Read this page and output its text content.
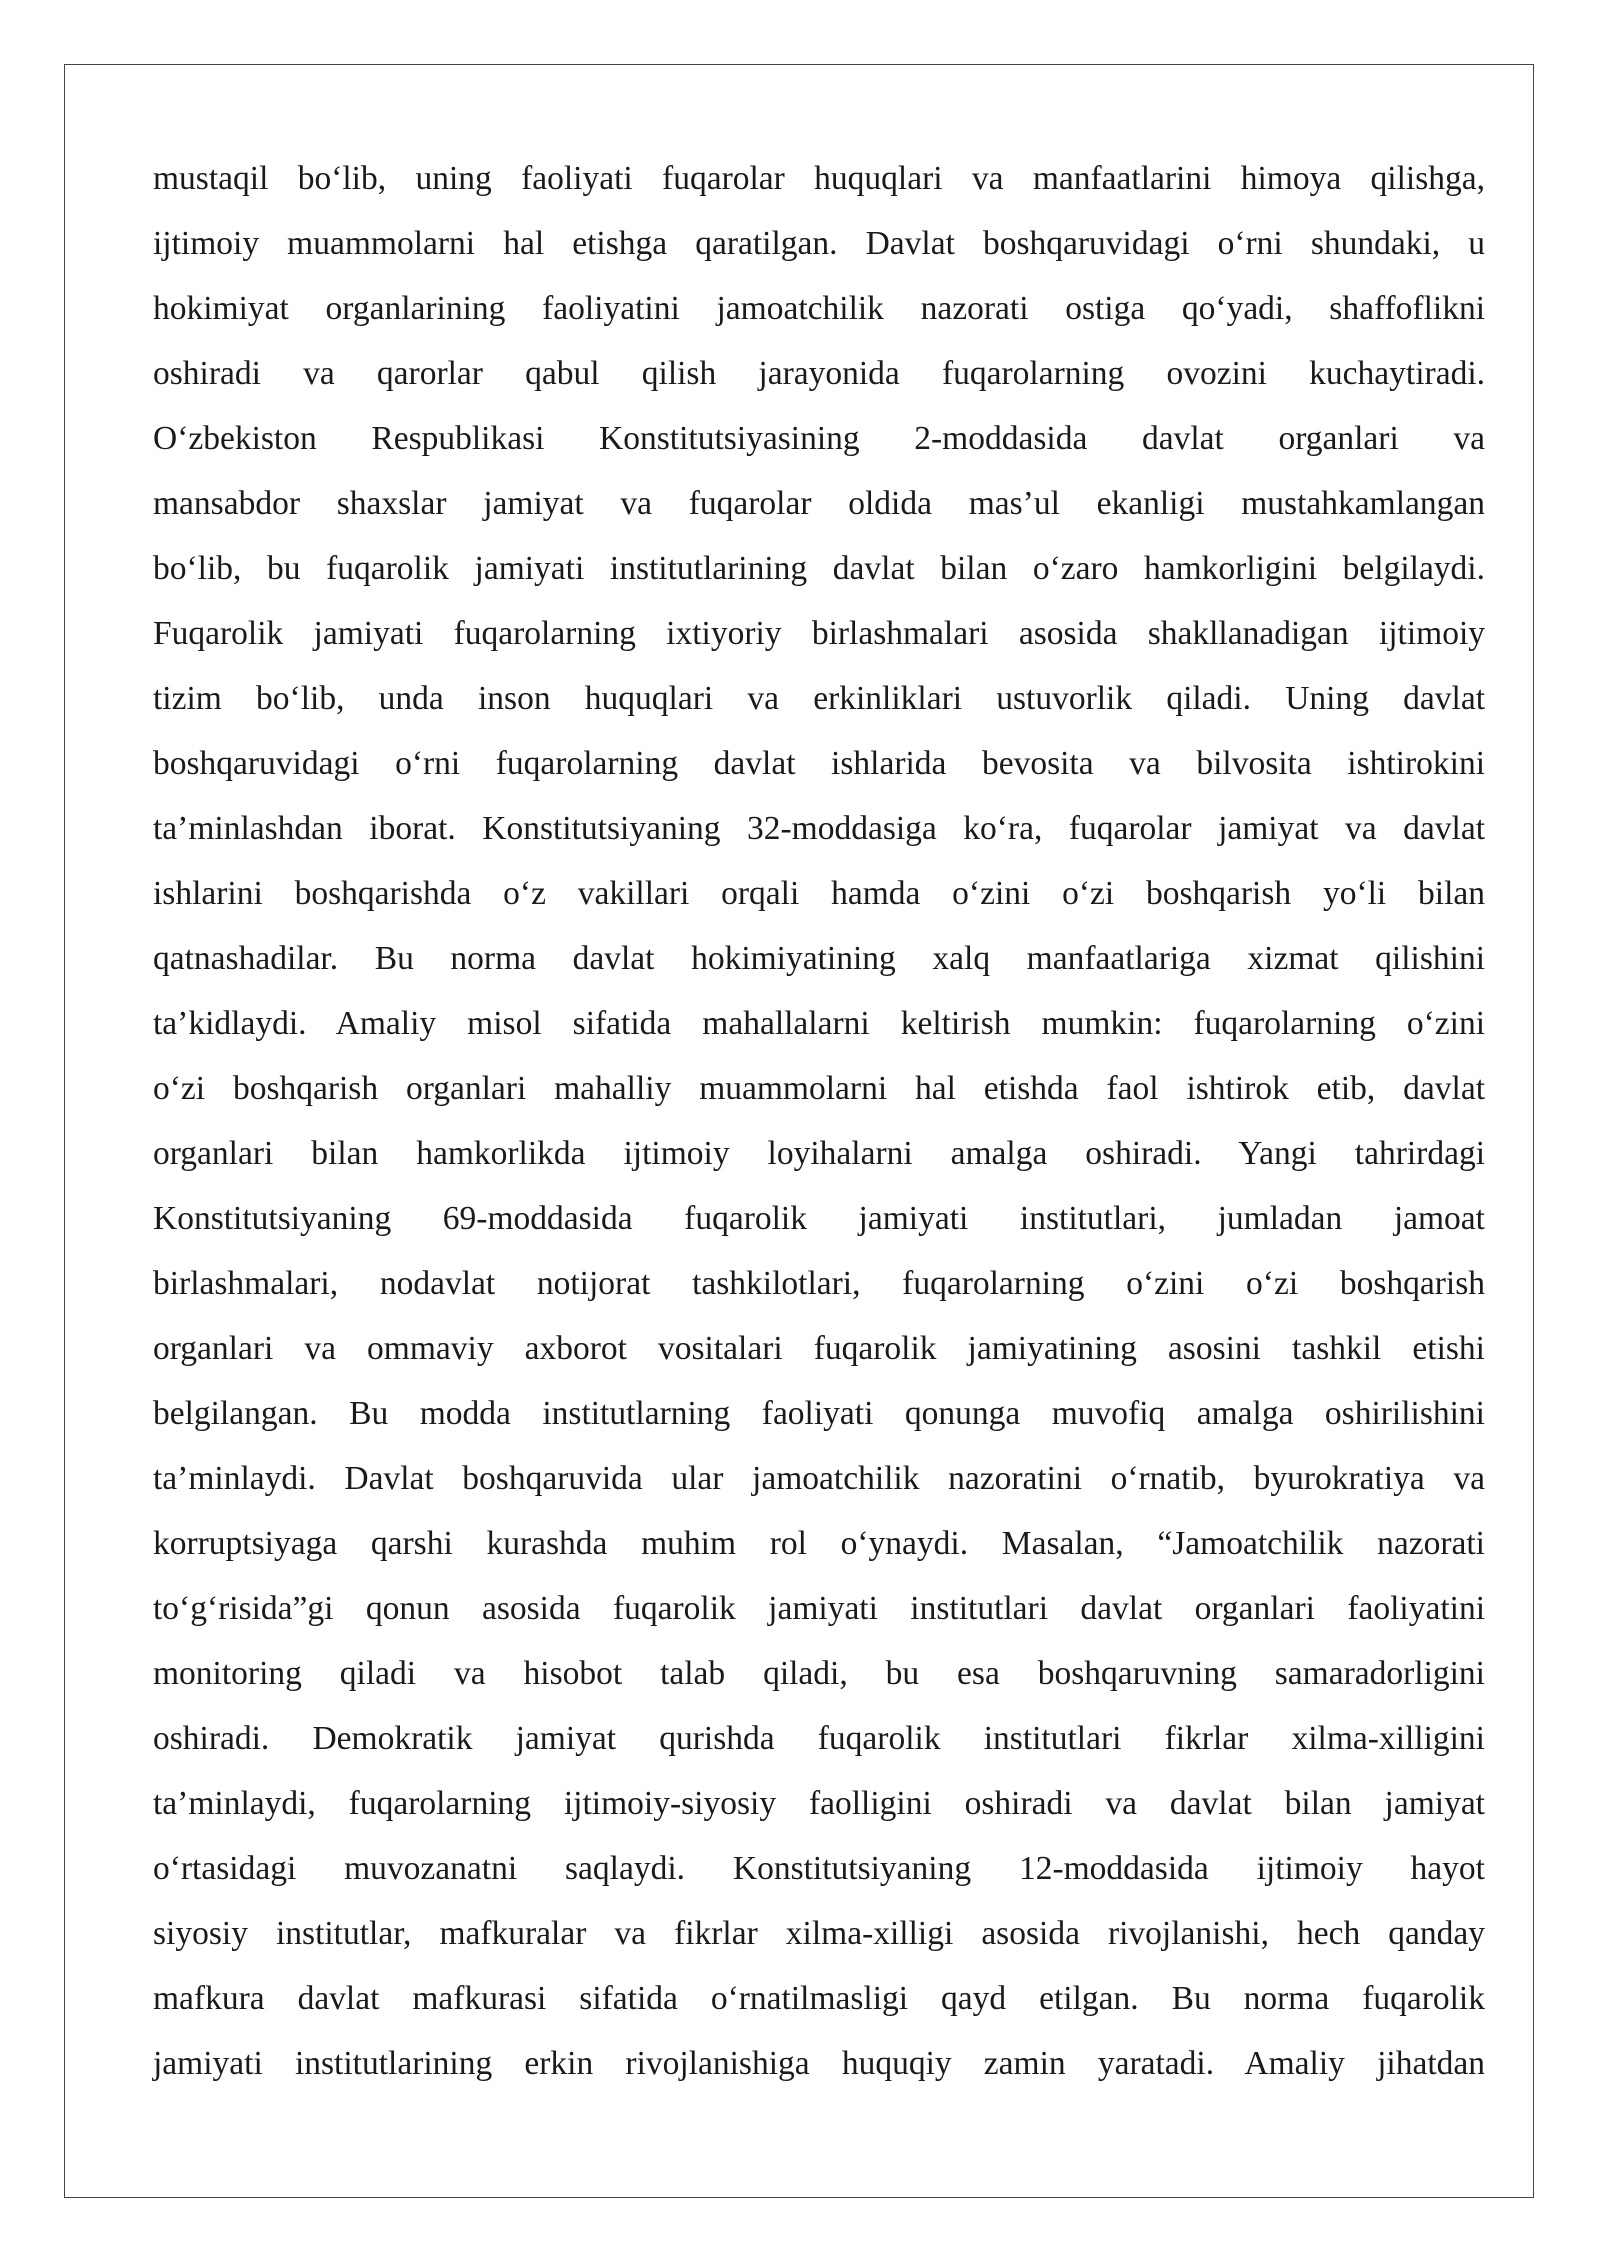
mustaqil boʻlib, uning faoliyati fuqarolar huquqlari va manfaatlarini himoya qilishga,
ijtimoiy muammolarni hal etishga qaratilgan. Davlat boshqaruvidagi oʻrni shundaki, u
hokimiyat organlarining faoliyatini jamoatchilik nazorati ostiga qoʻyadi, shaffoflikni
oshiradi va qarorlar qabul qilish jarayonida fuqarolarning ovozini kuchaytiradi.
Oʻzbekiston Respublikasi Konstitutsiyasining 2-moddasida davlat organlari va
mansabdor shaxslar jamiyat va fuqarolar oldida mas’ul ekanligi mustahkamlangan
boʻlib, bu fuqarolik jamiyati institutlarining davlat bilan oʻzaro hamkorligini belgilaydi.
Fuqarolik jamiyati fuqarolarning ixtiyoriy birlashmalari asosida shakllanadigan ijtimoiy
tizim boʻlib, unda inson huquqlari va erkinliklari ustuvorlik qiladi. Uning davlat
boshqaruvidagi oʻrni fuqarolarning davlat ishlarida bevosita va bilvosita ishtirokini
ta’minlashdan iborat. Konstitutsiyaning 32-moddasiga koʻra, fuqarolar jamiyat va davlat
ishlarini boshqarishda oʻz vakillari orqali hamda oʻzini oʻzi boshqarish yoʻli bilan
qatnashadilar. Bu norma davlat hokimiyatining xalq manfaatlariga xizmat qilishini
ta’kidlaydi. Amaliy misol sifatida mahallalarni keltirish mumkin: fuqarolarning oʻzini
oʻzi boshqarish organlari mahalliy muammolarni hal etishda faol ishtirok etib, davlat
organlari bilan hamkorlikda ijtimoiy loyihalarni amalga oshiradi. Yangi tahrirdagi
Konstitutsiyaning 69-moddasida fuqarolik jamiyati institutlari, jumladan jamoat
birlashmalari, nodavlat notijorat tashkilotlari, fuqarolarning oʻzini oʻzi boshqarish
organlari va ommaviy axborot vositalari fuqarolik jamiyatining asosini tashkil etishi
belgilangan. Bu modda institutlarning faoliyati qonunga muvofiq amalga oshirilishini
ta’minlaydi. Davlat boshqaruvida ular jamoatchilik nazoratini oʻrnatib, byurokratiya va
korruptsiyaga qarshi kurashda muhim rol oʻynaydi. Masalan, “Jamoatchilik nazorati
toʻgʻrisida”gi qonun asosida fuqarolik jamiyati institutlari davlat organlari faoliyatini
monitoring qiladi va hisobot talab qiladi, bu esa boshqaruvning samaradorligini
oshiradi. Demokratik jamiyat qurishda fuqarolik institutlari fikrlar xilma-xilligini
ta’minlaydi, fuqarolarning ijtimoiy-siyosiy faolligini oshiradi va davlat bilan jamiyat
oʻrtasidagi muvozanatni saqlaydi. Konstitutsiyaning 12-moddasida ijtimoiy hayot
siyosiy institutlar, mafkuralar va fikrlar xilma-xilligi asosida rivojlanishi, hech qanday
mafkura davlat mafkurasi sifatida oʻrnatilmasligi qayd etilgan. Bu norma fuqarolik
jamiyati institutlarining erkin rivojlanishiga huquqiy zamin yaratadi. Amaliy jihatdan
